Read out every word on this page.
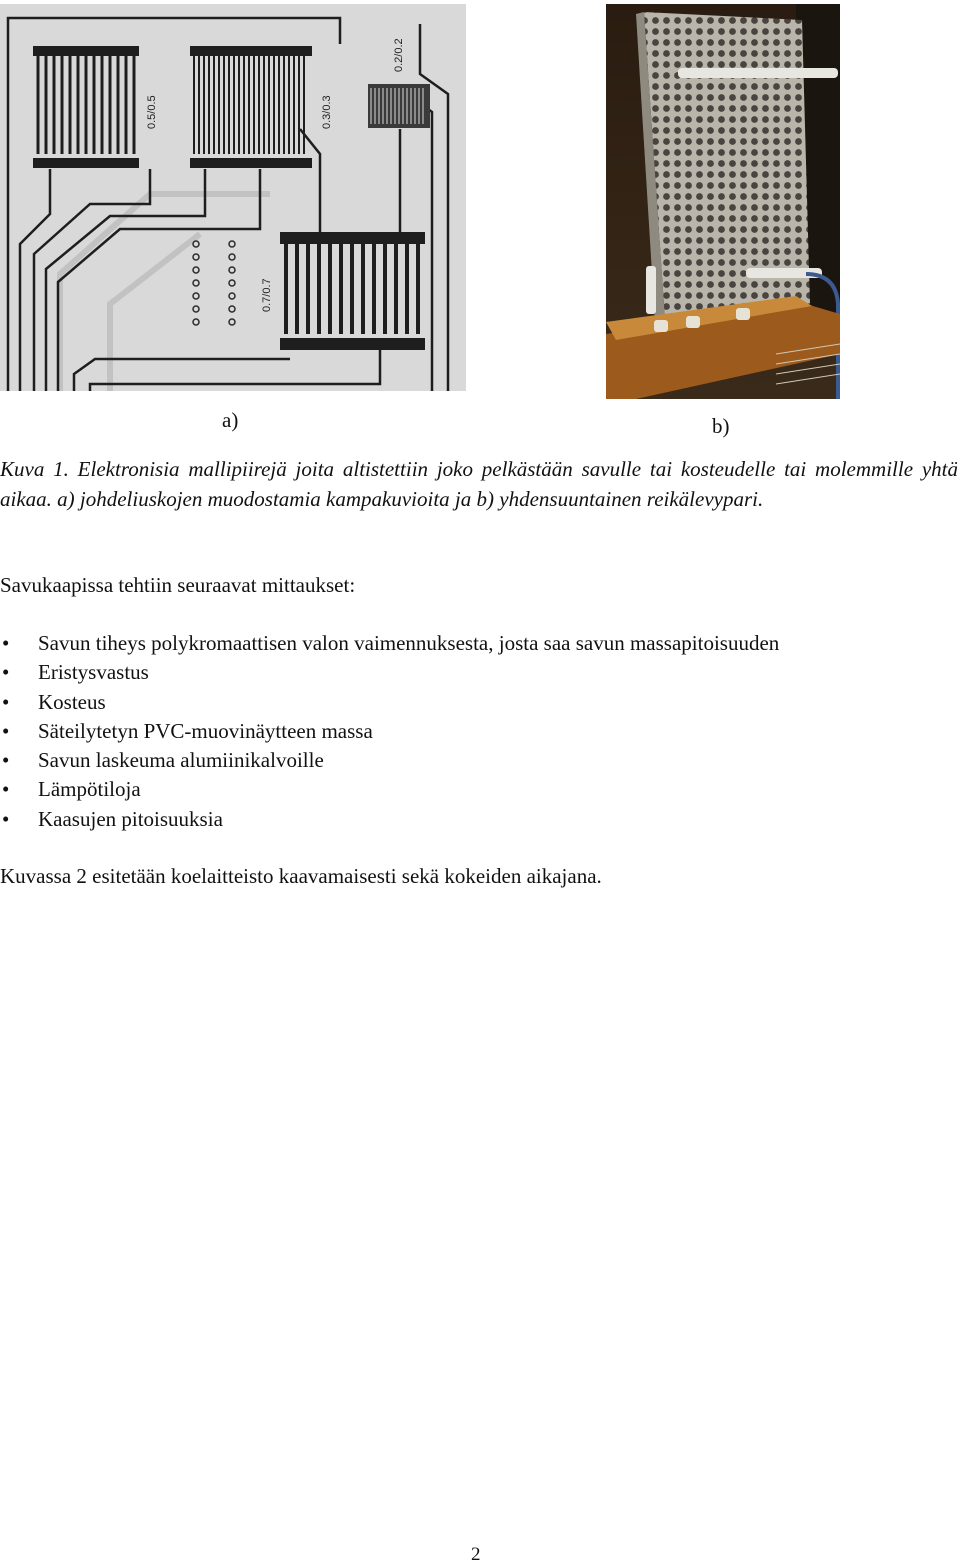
0.5/0.5	0.3/0.3
0.2/0.2
0.7/0.7
a)	b)
Kuva 1. Elektronisia mallipiirejä joita altistettiin joko pelkästään savulle tai kosteudelle tai molemmille yhtä aikaa. a) johdeliuskojen muodostamia kampakuvioita ja b) yhdensuuntainen reikälevypari.
Savukaapissa tehtiin seuraavat mittaukset:
• Savun tiheys polykromaattisen valon vaimennuksesta, josta saa savun massapitoisuuden
• Eristysvastus
• Kosteus
• Säteilytetyn PVC-muovinäytteen massa
• Savun laskeuma alumiinikalvoille
• Lämpötiloja
• Kaasujen pitoisuuksia
Kuvassa 2 esitetään koelaitteisto kaavamaisesti sekä kokeiden aikajana.
2
